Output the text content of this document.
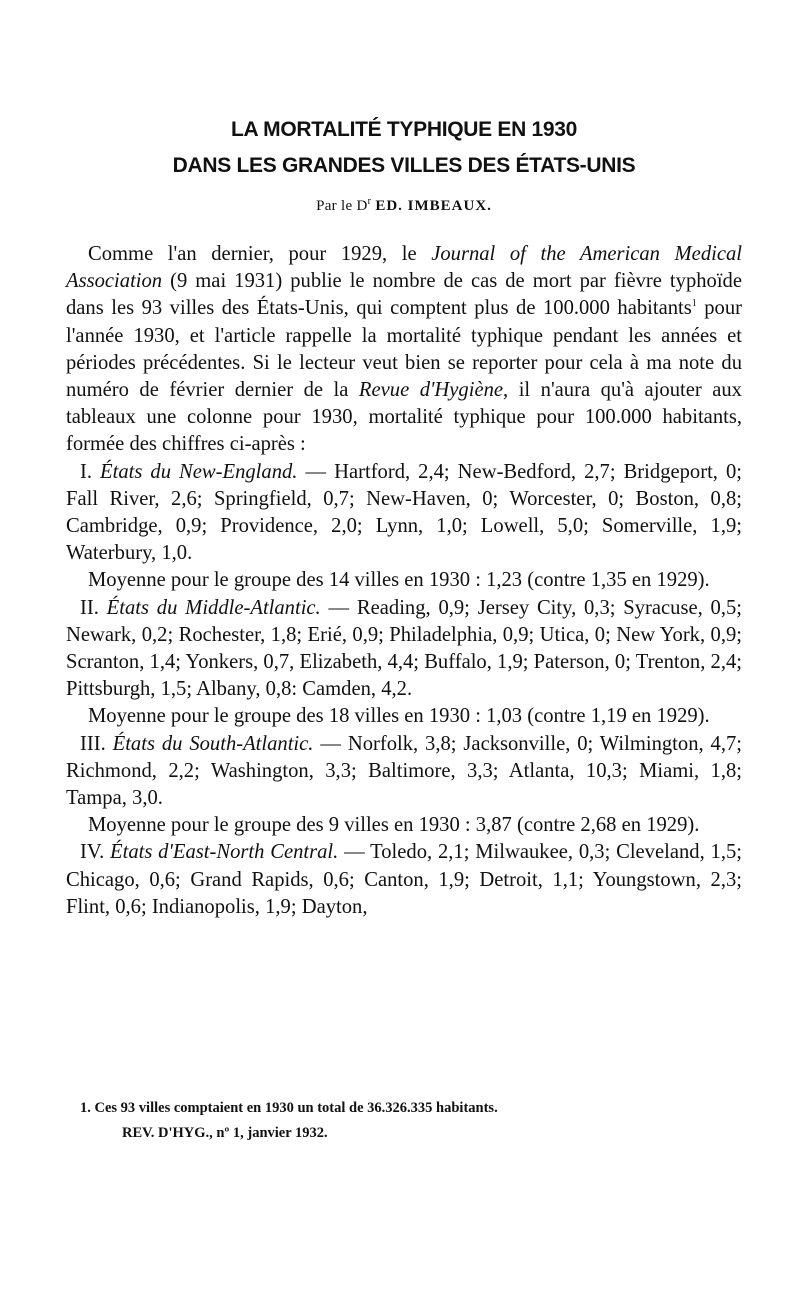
LA MORTALITÉ TYPHIQUE EN 1930
DANS LES GRANDES VILLES DES ÉTATS-UNIS
Par le $D^r$ ED. IMBEAUX.

Comme l'an dernier, pour 1929, le Journal of the American Medical Association (9 mai 1931) publie le nombre de cas de mort par fièvre typhoïde dans les 93 villes des États-Unis, qui comptent plus de 100.000 habitants$^1$ pour l'année 1930, et l'article rappelle la mortalité typhique pendant les années et périodes précédentes. Si le lecteur veut bien se reporter pour cela à ma note du numéro de février dernier de la Revue d'Hygiène, il n'aura qu'à ajouter aux tableaux une colonne pour 1930, mortalité typhique pour 100.000 habitants, formée des chiffres ci-après :

I. États du New-England. — Hartford, 2,4; New-Bedford, 2,7; Bridgeport, 0; Fall River, 2,6; Springfield, 0,7; New-Haven, 0; Worcester, 0; Boston, 0,8; Cambridge, 0,9; Providence, 2,0; Lynn, 1,0; Lowell, 5,0; Somerville, 1,9; Waterbury, 1,0.

Moyenne pour le groupe des 14 villes en 1930 : 1,23 (contre 1,35 en 1929).

II. États du Middle-Atlantic. — Reading, 0,9; Jersey City, 0,3; Syracuse, 0,5; Newark, 0,2; Rochester, 1,8; Erié, 0,9; Philadelphia, 0,9; Utica, 0; New York, 0,9; Scranton, 1,4; Yonkers, 0,7, Elizabeth, 4,4; Buffalo, 1,9; Paterson, 0; Trenton, 2,4; Pittsburgh, 1,5; Albany, 0,8: Camden, 4,2.

Moyenne pour le groupe des 18 villes en 1930 : 1,03 (contre 1,19 en 1929).

III. États du South-Atlantic. — Norfolk, 3,8; Jacksonville, 0; Wilmington, 4,7; Richmond, 2,2; Washington, 3,3; Baltimore, 3,3; Atlanta, 10,3; Miami, 1,8; Tampa, 3,0.

Moyenne pour le groupe des 9 villes en 1930 : 3,87 (contre 2,68 en 1929).

IV. États d'East-North Central. — Toledo, 2,1; Milwaukee, 0,3; Cleveland, 1,5; Chicago, 0,6; Grand Rapids, 0,6; Canton, 1,9; Detroit, 1,1; Youngstown, 2,3; Flint, 0,6; Indianopolis, 1,9; Dayton,

1. Ces 93 villes comptaient en 1930 un total de 36.326.335 habitants.
REV. D'HYG., nº 1, janvier 1932.
